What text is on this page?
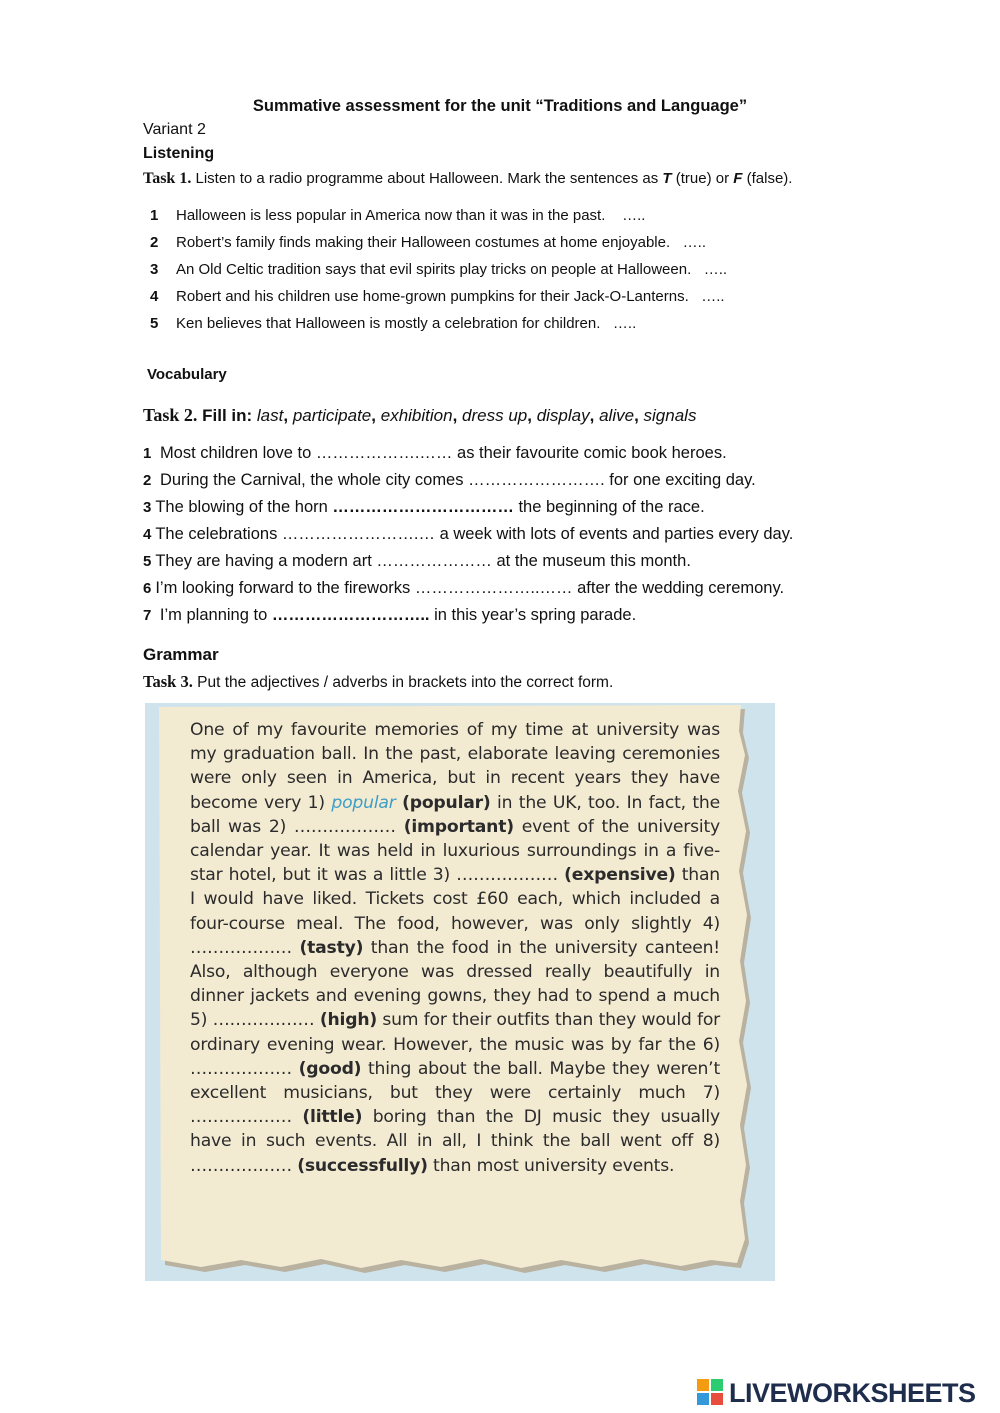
Summative assessment for the unit “Traditions and Language”
Variant 2
Listening
Task 1. Listen to a radio programme about Halloween. Mark the sentences as T (true) or F (false).
1 Halloween is less popular in America now than it was in the past. …..
2 Robert’s family finds making their Halloween costumes at home enjoyable. …..
3 An Old Celtic tradition says that evil spirits play tricks on people at Halloween. …..
4 Robert and his children use home-grown pumpkins for their Jack-O-Lanterns. …..
5 Ken believes that Halloween is mostly a celebration for children. …..
Vocabulary
Task 2. Fill in: last, participate, exhibition, dress up, display, alive, signals
1 Most children love to ……………….…… as their favourite comic book heroes.
2 During the Carnival, the whole city comes ……………………. for one exciting day.
3 The blowing of the horn …………………………… the beginning of the race.
4 The celebrations …………………….… a week with lots of events and parties every day.
5 They are having a modern art ………………… at the museum this month.
6 I’m looking forward to the fireworks …………………..…… after the wedding ceremony.
7 I’m planning to ……………………….. in this year’s spring parade.
Grammar
Task 3. Put the adjectives / adverbs in brackets into the correct form.
One of my favourite memories of my time at university was my graduation ball. In the past, elaborate leaving ceremonies were only seen in America, but in recent years they have become very 1) popular (popular) in the UK, too. In fact, the ball was 2) ……………… (important) event of the university calendar year. It was held in luxurious surroundings in a five-star hotel, but it was a little 3) ……………… (expensive) than I would have liked. Tickets cost £60 each, which included a four-course meal. The food, however, was only slightly 4) ……………… (tasty) than the food in the university canteen! Also, although everyone was dressed really beautifully in dinner jackets and evening gowns, they had to spend a much 5) ……………… (high) sum for their outfits than they would for ordinary evening wear. However, the music was by far the 6) ……………… (good) thing about the ball. Maybe they weren’t excellent musicians, but they were certainly much 7) ……………… (little) boring than the DJ music they usually have in such events. All in all, I think the ball went off 8) ……………… (successfully) than most university events.
LIVEWORKSHEETS
